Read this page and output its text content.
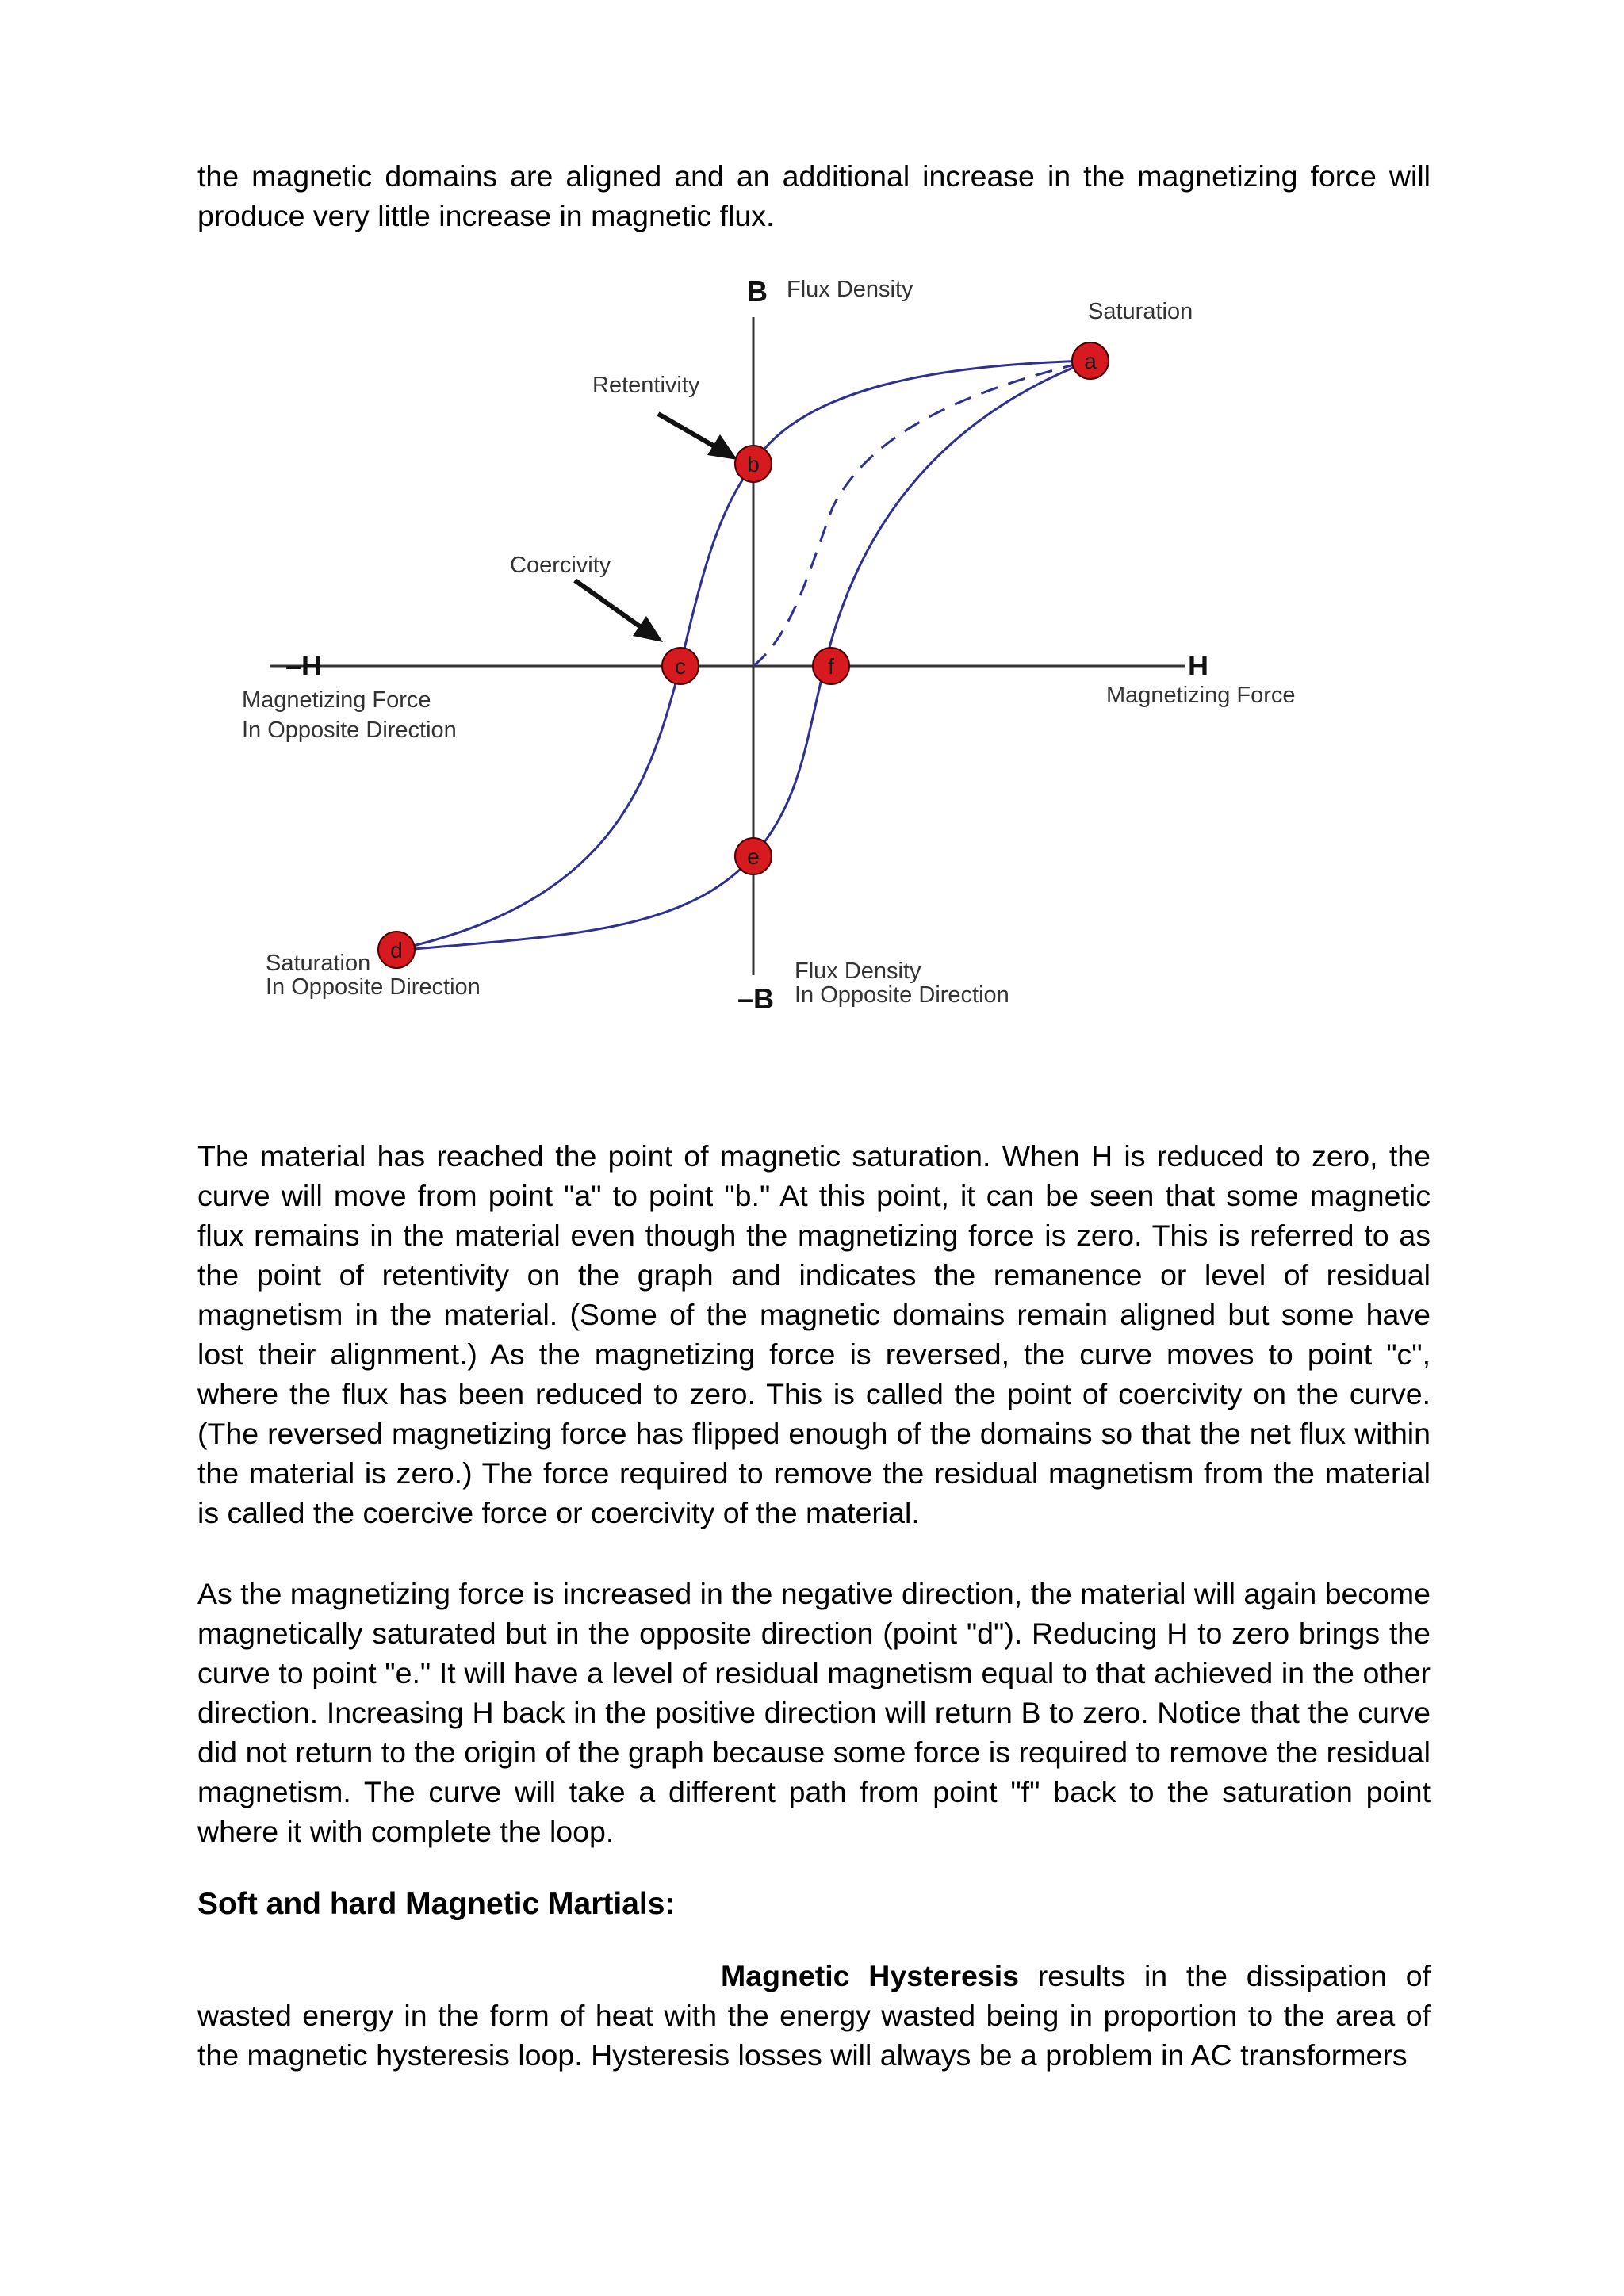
the magnetic domains are aligned and an additional increase in the magnetizing force will produce very little increase in magnetic flux.

a
b
c
d
e
f
B Flux Density
Saturation
Retentivity
Coercivity
–H
Magnetizing Force
In Opposite Direction
H
Magnetizing Force
Saturation
In Opposite Direction	–B
Flux Density
In Opposite Direction

The material has reached the point of magnetic saturation. When H is reduced to zero, the curve will move from point "a" to point "b." At this point, it can be seen that some magnetic flux remains in the material even though the magnetizing force is zero. This is referred to as the point of retentivity on the graph and indicates the remanence or level of residual magnetism in the material. (Some of the magnetic domains remain aligned but some have lost their alignment.) As the magnetizing force is reversed, the curve moves to point "c", where the flux has been reduced to zero. This is called the point of coercivity on the curve. (The reversed magnetizing force has flipped enough of the domains so that the net flux within the material is zero.) The force required to remove the residual magnetism from the material is called the coercive force or coercivity of the material.

As the magnetizing force is increased in the negative direction, the material will again become magnetically saturated but in the opposite direction (point "d"). Reducing H to zero brings the curve to point "e." It will have a level of residual magnetism equal to that achieved in the other direction. Increasing H back in the positive direction will return B to zero. Notice that the curve did not return to the origin of the graph because some force is required to remove the residual magnetism. The curve will take a different path from point "f" back to the saturation point where it with complete the loop.

Soft and hard Magnetic Martials:

Magnetic Hysteresis results in the dissipation of wasted energy in the form of heat with the energy wasted being in proportion to the area of the magnetic hysteresis loop. Hysteresis losses will always be a problem in AC transformers
